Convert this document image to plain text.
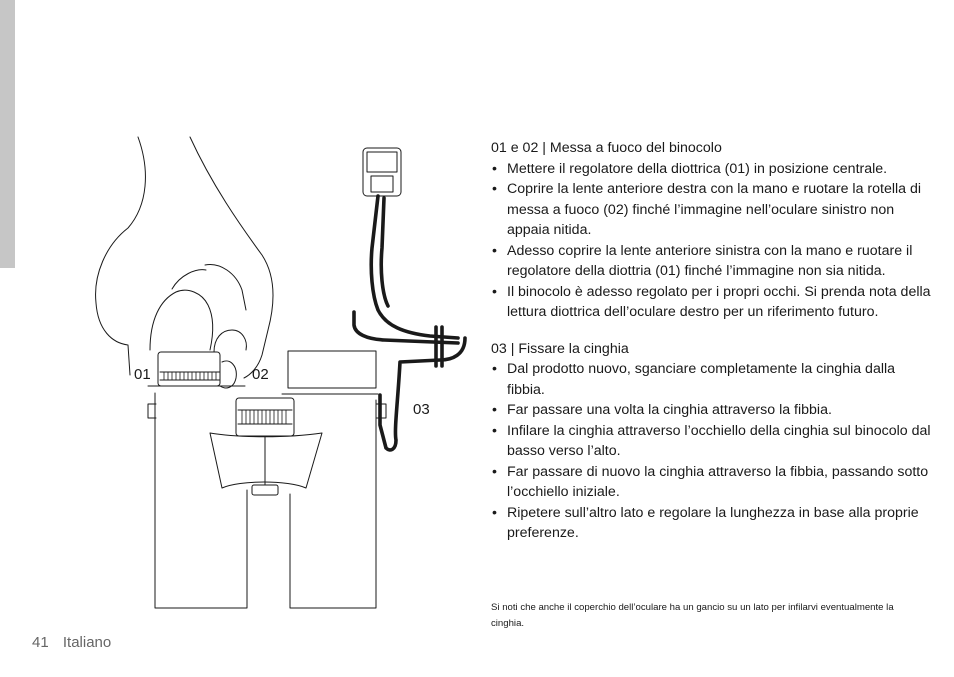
01	02
03
01 e 02 | Messa a fuoco del binocolo
• Mettere il regolatore della diottrica (01) in posizione centrale.
• Coprire la lente anteriore destra con la mano e ruotare la rotella di messa a fuoco (02) finché l’immagine nell’oculare sinistro non appaia nitida.
• Adesso coprire la lente anteriore sinistra con la mano e ruotare il regolatore della diottria (01) finché l’immagine non sia nitida.
• Il binocolo è adesso regolato per i propri occhi. Si prenda nota della lettura diottrica dell’oculare destro per un riferimento futuro.
03 | Fissare la cinghia
• Dal prodotto nuovo, sganciare completamente la cinghia dalla fibbia.
• Far passare una volta la cinghia attraverso la fibbia.
• Infilare la cinghia attraverso l’occhiello della cinghia sul binocolo dal basso verso l’alto.
• Far passare di nuovo la cinghia attraverso la fibbia, passando sotto l’occhiello iniziale.
• Ripetere sull’altro lato e regolare la lunghezza in base alla proprie preferenze.

Si noti che anche il coperchio dell’oculare ha un gancio su un lato per infilarvi eventualmente la cinghia.

41 Italiano
